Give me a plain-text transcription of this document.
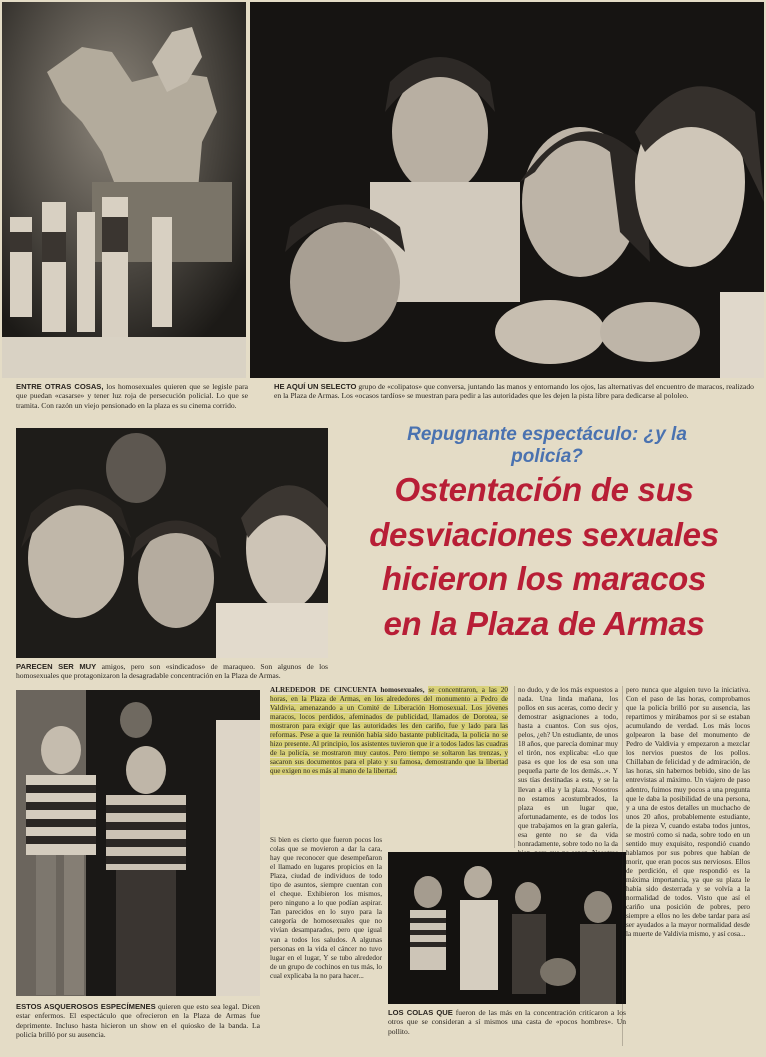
ENTRE OTRAS COSAS, los homosexuales quieren que se legisle para que puedan «casarse» y tener luz roja de persecución policial. Lo que se tramita. Con razón un viejo pensionado en la plaza es su cinema corrido.
HE AQUÍ UN SELECTO grupo de «colipatos» que conversa, juntando las manos y entornando los ojos, las alternativas del encuentro de maracos, realizado en la Plaza de Armas. Los «ocasos tardíos» se muestran para pedir a las autoridades que les dejen la pista libre para dedicarse al pololeo.
PARECEN SER MUY amigos, pero son «sindicados» de maraqueo. Son algunos de los homosexuales que protagonizaron la desagradable concentración en la Plaza de Armas.
Repugnante espectáculo: ¿y la policía?
Ostentación de sus
desviaciones sexuales
hicieron los maracos
en la Plaza de Armas
ESTOS ASQUEROSOS ESPECÍMENES quieren que esto sea legal. Dicen estar enfermos. El espectáculo que ofrecieron en la Plaza de Armas fue deprimente. Incluso hasta hicieron un show en el quiosko de la banda. La policía brilló por su ausencia.
ALREDEDOR DE CINCUENTA homosexuales, se concentraron, a las 20 horas, en la Plaza de Armas, en los alrededores del monumento a Pedro de Valdivia, amenazando a un Comité de Liberación Homosexual. Los jóvenes maracos, locos perdidos, afeminados de publicidad, llamados de Dorotea, se mostraron para exigir que las autoridades les den cariño, fue y lado para las reformas. Pese a que la reunión había sido bastante publicitada, la policía no se hizo presente. Al principio, los asistentes tuvieron que ir a todos lados las cuadras de la policía, se mostraron muy cautos. Pero tiempo se soltaron las trenzas, y sacaron sus documentos para el plato y su famosa, demostrando que la libertad que exigen no es más al mano de la libertad.
Si bien es cierto que fueron pocos los colas que se movieron a dar la cara, hay que reconocer que desempeñaron el llamado en lugares propicios en la Plaza, ciudad de individuos de todo tipo de asuntos, siempre cuentan con el cheque. Exhibieron los mismos, pero ninguno a lo que podían aspirar. Tan parecidos en lo suyo para la categoría de homosexuales que no vivían desamparados, pero que igual van a todos los saludos. A algunas personas en la vida el cáncer no tuvo lugar en el lugar, Y se tubo alrededor de un grupo de cochinos en tus más, lo cual explicaba la no para hacer...
no dudo, y de los más expuestos a nada. Una linda mañana, los pollos en sus aceras, como decir y demostrar asignaciones a todo, hasta a cuantos. Con sus ojos, pelos, ¿eh? Un estudiante, de unos 18 años, que parecía dominar muy el tirón, nos explicaba: «Lo que pasa es que los de esa son una pequeña parte de los demás...». Y sus tías destinadas a esta, y se la llevan a ella y la plaza. Nosotros no estamos acostumbrados, la plaza es un lugar que, afortunadamente, es de todos los que trabajamos en la gran galería, esa gente no se da vida honradamente, sobre todo no la da
pero nunca que alguien tuvo la iniciativa. Con el paso de las horas, comprobamos que la policía brilló por su ausencia, las repartimos y mirábamos por si se estaban acumulando de verdad. Los más locos golpearon la base del monumento de Pedro de Valdivia y empezaron a mezclar los nervios puestos de los pollos. Chillaban de felicidad y de admiración, de las horas, sin habernos bebido, sino de las entrevistas al máximo. Un viajero de paso adentro, fuimos muy pocos a una pregunta que le daba la posibilidad de una persona, y a una de estos detalles un muchacho de unos 20 años, probablemente estudiante, de la pieza V, cuando estaba todos juntos, se mostró como si nada, sobre todo en un sentido muy exquisito, respondió cuando hablamos por sus pobres que habían de morir, que eran pocos sus nerviosos. Ellos de perdición, el que respondió es la máxima importancia, ya que su plaza le había sido desterrada y se volvía a la normalidad de todos. Visto que así el cariño una posición de pobres, pero siempre a ellos no les debe tardar para así ser ayudados a la mayor normalidad desde la muerte de Valdivia mismo, y así cosa...
LOS COLAS QUE fueron de las más en la concentración critícaron a los otros que se consideran a sí mismos una casta de «pocos hombres». Un pollito.
